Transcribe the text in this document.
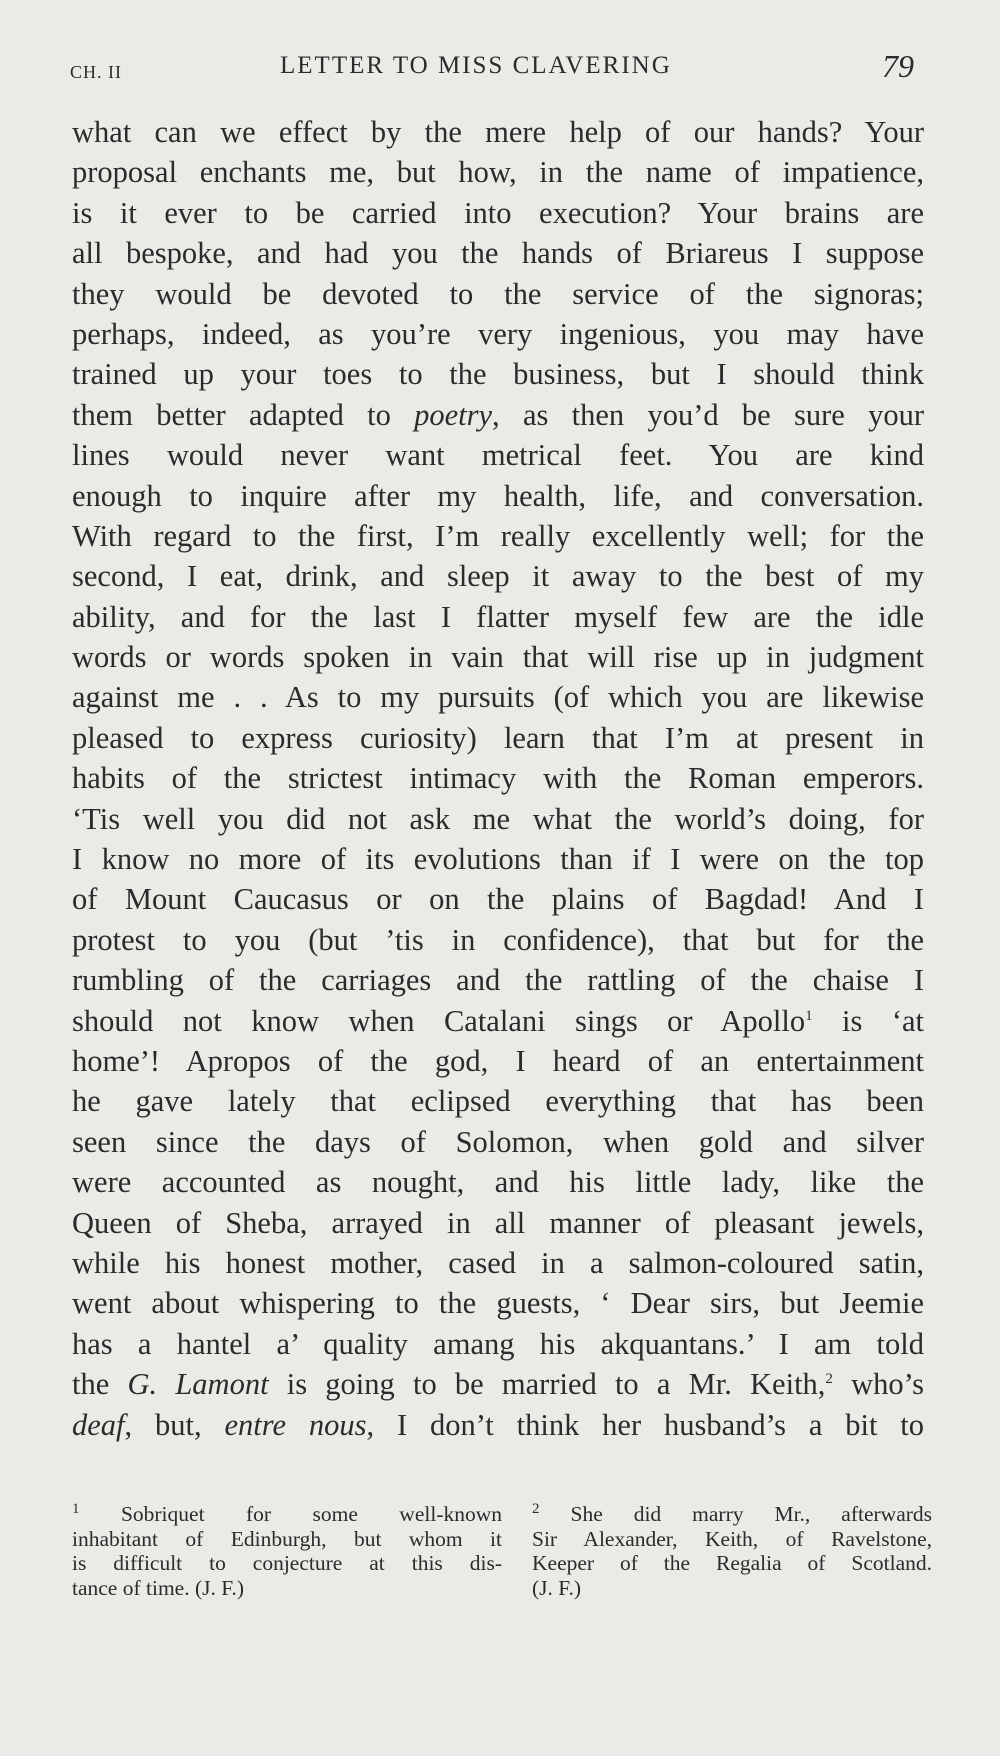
CH. II	LETTER TO MISS CLAVERING	79
what can we effect by the mere help of our hands? Your
proposal enchants me, but how, in the name of impatience,
is it ever to be carried into execution? Your brains are
all bespoke, and had you the hands of Briareus I suppose
they would be devoted to the service of the signoras;
perhaps, indeed, as you’re very ingenious, you may have
trained up your toes to the business, but I should think
them better adapted to poetry, as then you’d be sure your
lines would never want metrical feet. You are kind
enough to inquire after my health, life, and conversation.
With regard to the first, I’m really excellently well; for the
second, I eat, drink, and sleep it away to the best of my
ability, and for the last I flatter myself few are the idle
words or words spoken in vain that will rise up in judgment
against me . . As to my pursuits (of which you are likewise
pleased to express curiosity) learn that I’m at present in
habits of the strictest intimacy with the Roman emperors.
‘Tis well you did not ask me what the world’s doing, for
I know no more of its evolutions than if I were on the top
of Mount Caucasus or on the plains of Bagdad! And I
protest to you (but ’tis in confidence), that but for the
rumbling of the carriages and the rattling of the chaise I
should not know when Catalani sings or Apollo$^1$ is ‘at
home’! Apropos of the god, I heard of an entertainment
he gave lately that eclipsed everything that has been
seen since the days of Solomon, when gold and silver
were accounted as nought, and his little lady, like the
Queen of Sheba, arrayed in all manner of pleasant jewels,
while his honest mother, cased in a salmon-coloured satin,
went about whispering to the guests, ‘ Dear sirs, but Jeemie
has a hantel a’ quality amang his akquantans.’ I am told
the G. Lamont is going to be married to a Mr. Keith,$^2$ who’s
deaf, but, entre nous, I don’t think her husband’s a bit to
$^1$ Sobriquet for some well-known
inhabitant of Edinburgh, but whom it
is difficult to conjecture at this dis-
tance of time. (J. F.)
$^2$ She did marry Mr., afterwards
Sir Alexander, Keith, of Ravelstone,
Keeper of the Regalia of Scotland.
(J. F.)
